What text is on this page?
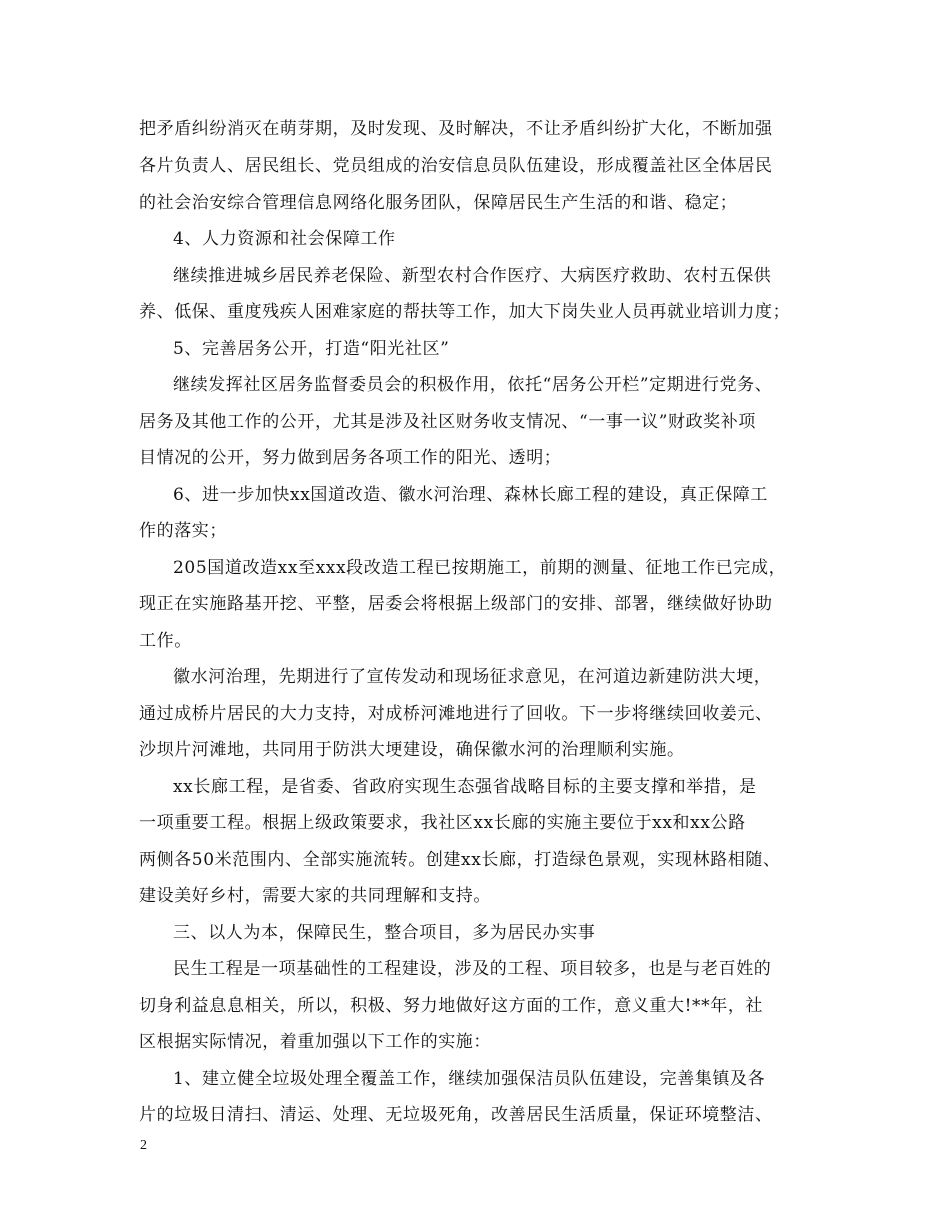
把矛盾纠纷消灭在萌芽期，及时发现、及时解决，不让矛盾纠纷扩大化，不断加强
各片负责人、居民组长、党员组成的治安信息员队伍建设，形成覆盖社区全体居民
的社会治安综合管理信息网络化服务团队，保障居民生产生活的和谐、稳定；
4、人力资源和社会保障工作
继续推进城乡居民养老保险、新型农村合作医疗、大病医疗救助、农村五保供
养、低保、重度残疾人困难家庭的帮扶等工作，加大下岗失业人员再就业培训力度；
5、完善居务公开，打造“阳光社区”
继续发挥社区居务监督委员会的积极作用，依托“居务公开栏”定期进行党务、
居务及其他工作的公开，尤其是涉及社区财务收支情况、“一事一议”财政奖补项
目情况的公开，努力做到居务各项工作的阳光、透明；
6、进一步加快xx国道改造、徽水河治理、森林长廊工程的建设，真正保障工
作的落实；
205国道改造xx至xxx段改造工程已按期施工，前期的测量、征地工作已完成，
现正在实施路基开挖、平整，居委会将根据上级部门的安排、部署，继续做好协助
工作。
徽水河治理，先期进行了宣传发动和现场征求意见，在河道边新建防洪大埂，
通过成桥片居民的大力支持，对成桥河滩地进行了回收。下一步将继续回收姜元、
沙坝片河滩地，共同用于防洪大埂建设，确保徽水河的治理顺利实施。
xx长廊工程，是省委、省政府实现生态强省战略目标的主要支撑和举措，是
一项重要工程。根据上级政策要求，我社区xx长廊的实施主要位于xx和xx公路
两侧各50米范围内、全部实施流转。创建xx长廊，打造绿色景观，实现林路相随、
建设美好乡村，需要大家的共同理解和支持。
三、以人为本，保障民生，整合项目，多为居民办实事
民生工程是一项基础性的工程建设，涉及的工程、项目较多，也是与老百姓的
切身利益息息相关，所以，积极、努力地做好这方面的工作，意义重大!**年，社
区根据实际情况，着重加强以下工作的实施：
1、建立健全垃圾处理全覆盖工作，继续加强保洁员队伍建设，完善集镇及各
片的垃圾日清扫、清运、处理、无垃圾死角，改善居民生活质量，保证环境整洁、
2
